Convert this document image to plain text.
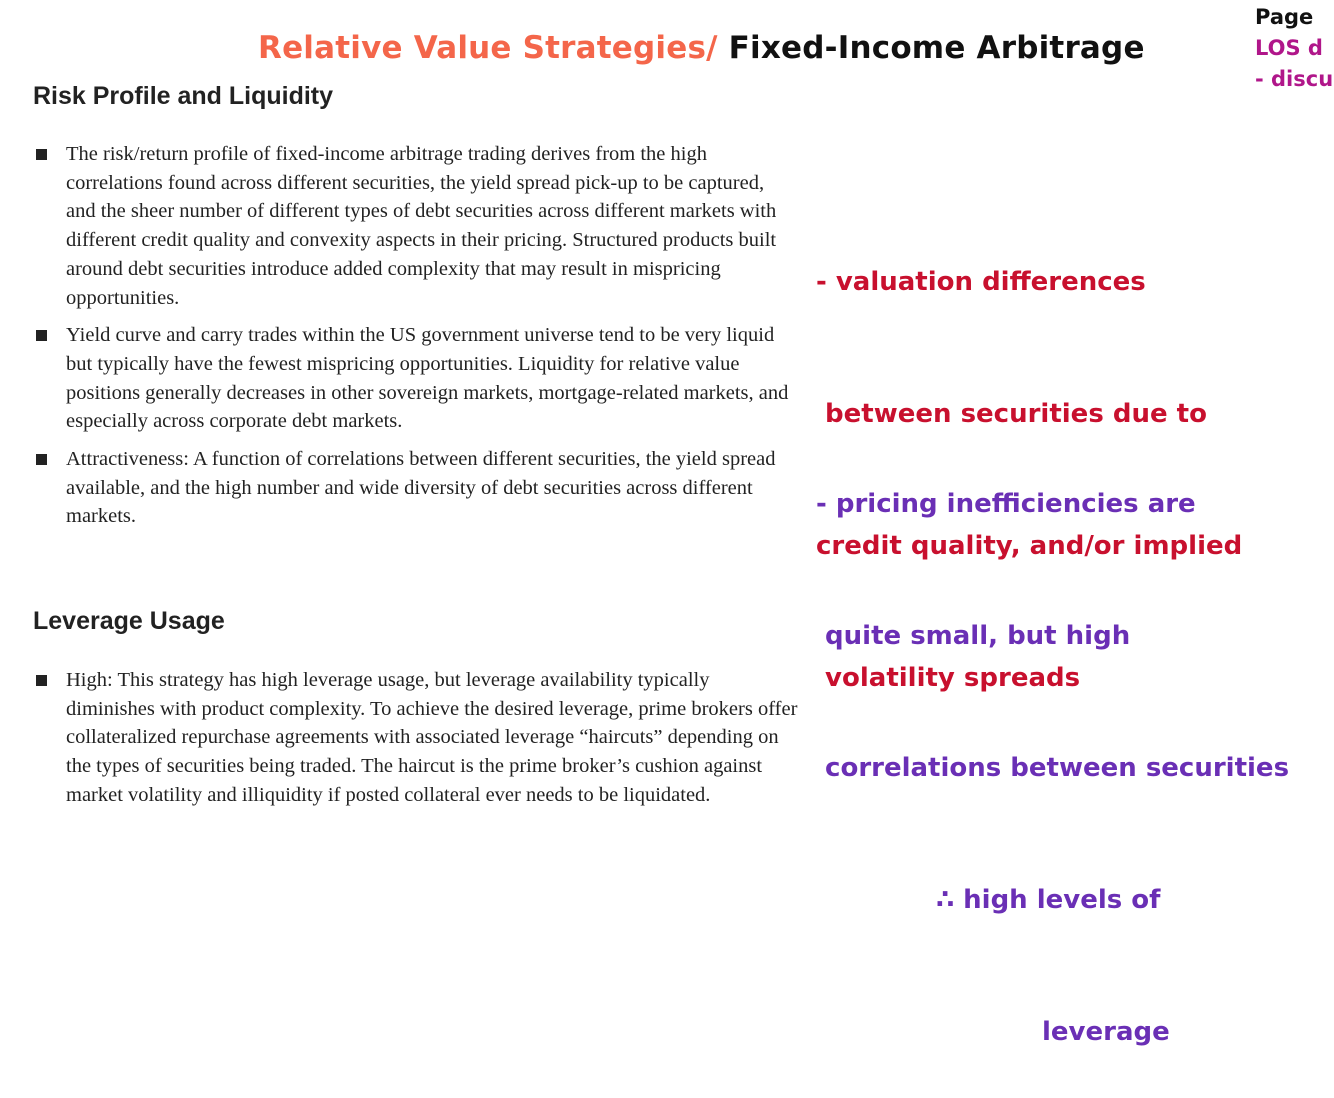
Page
LOS d
- discu
Relative Value Strategies/ Fixed-Income Arbitrage
Risk Profile and Liquidity
The risk/return profile of fixed-income arbitrage trading derives from the high correlations found across different securities, the yield spread pick-up to be captured, and the sheer number of different types of debt securities across different markets with different credit quality and convexity aspects in their pricing. Structured products built around debt securities introduce added complexity that may result in mispricing opportunities.
Yield curve and carry trades within the US government universe tend to be very liquid but typically have the fewest mispricing opportunities. Liquidity for relative value positions generally decreases in other sovereign markets, mortgage-related markets, and especially across corporate debt markets.
Attractiveness: A function of correlations between different securities, the yield spread available, and the high number and wide diversity of debt securities across different markets.
Leverage Usage
High: This strategy has high leverage usage, but leverage availability typically diminishes with product complexity. To achieve the desired leverage, prime brokers offer collateralized repurchase agreements with associated leverage “haircuts” depending on the types of securities being traded. The haircut is the prime broker’s cushion against market volatility and illiquidity if posted collateral ever needs to be liquidated.

- valuation differences

between securities due to

credit quality, and/or implied

volatility spreads

- pricing inefficiencies are

quite small, but high

correlations between securities

∴ high levels of

leverage
